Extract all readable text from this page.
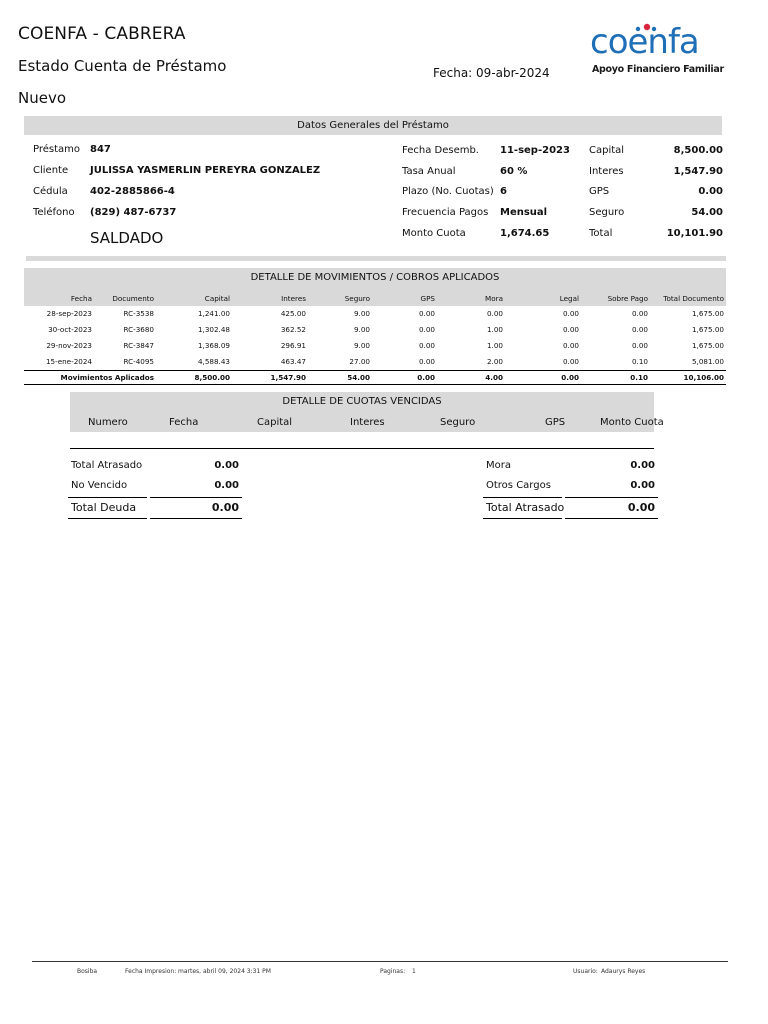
COENFA - CABRERA
Estado Cuenta de Préstamo
Nuevo
Fecha: 09-abr-2024
coenfa
Apoyo Financiero Familiar
Datos Generales del Préstamo
Préstamo 847
Cliente JULISSA YASMERLIN PEREYRA GONZALEZ
Cédula 402-2885866-4
Teléfono (829) 487-6737
SALDADO
Fecha Desemb. 11-sep-2023
Tasa Anual	60 %
Plazo (No. Cuotas) 6
Frecuencia Pagos Mensual
Monto Cuota	1,674.65
Capital	8,500.00
Interes	1,547.90
GPS	0.00
Seguro	54.00
Total	10,101.90
DETALLE DE MOVIMIENTOS / COBROS APLICADOS
Fecha	Documento	Capital	Interes	Seguro	GPS	Mora	Legal	Sobre Pago	Total Documento
28-sep-2023	RC-3538	1,241.00	425.00	9.00	0.00	0.00	0.00	0.00	1,675.00
30-oct-2023	RC-3680	1,302.48	362.52	9.00	0.00	1.00	0.00	0.00	1,675.00
29-nov-2023	RC-3847	1,368.09	296.91	9.00	0.00	1.00	0.00	0.00	1,675.00
15-ene-2024	RC-4095	4,588.43	463.47	27.00	0.00	2.00	0.00	0.10	5,081.00
Movimientos Aplicados	8,500.00	1,547.90	54.00	0.00	4.00	0.00	0.10	10,106.00
DETALLE DE CUOTAS VENCIDAS
Numero	Fecha	Capital	Interes	Seguro	GPS	Monto Cuota
Total Atrasado	0.00
No Vencido	0.00
Total Deuda	0.00
Mora	0.00
Otros Cargos	0.00
Total Atrasado	0.00
Bosiba	Fecha Impresion: martes, abril 09, 2024 3:31 PM	Paginas: 1	Usuario: Adaurys Reyes
